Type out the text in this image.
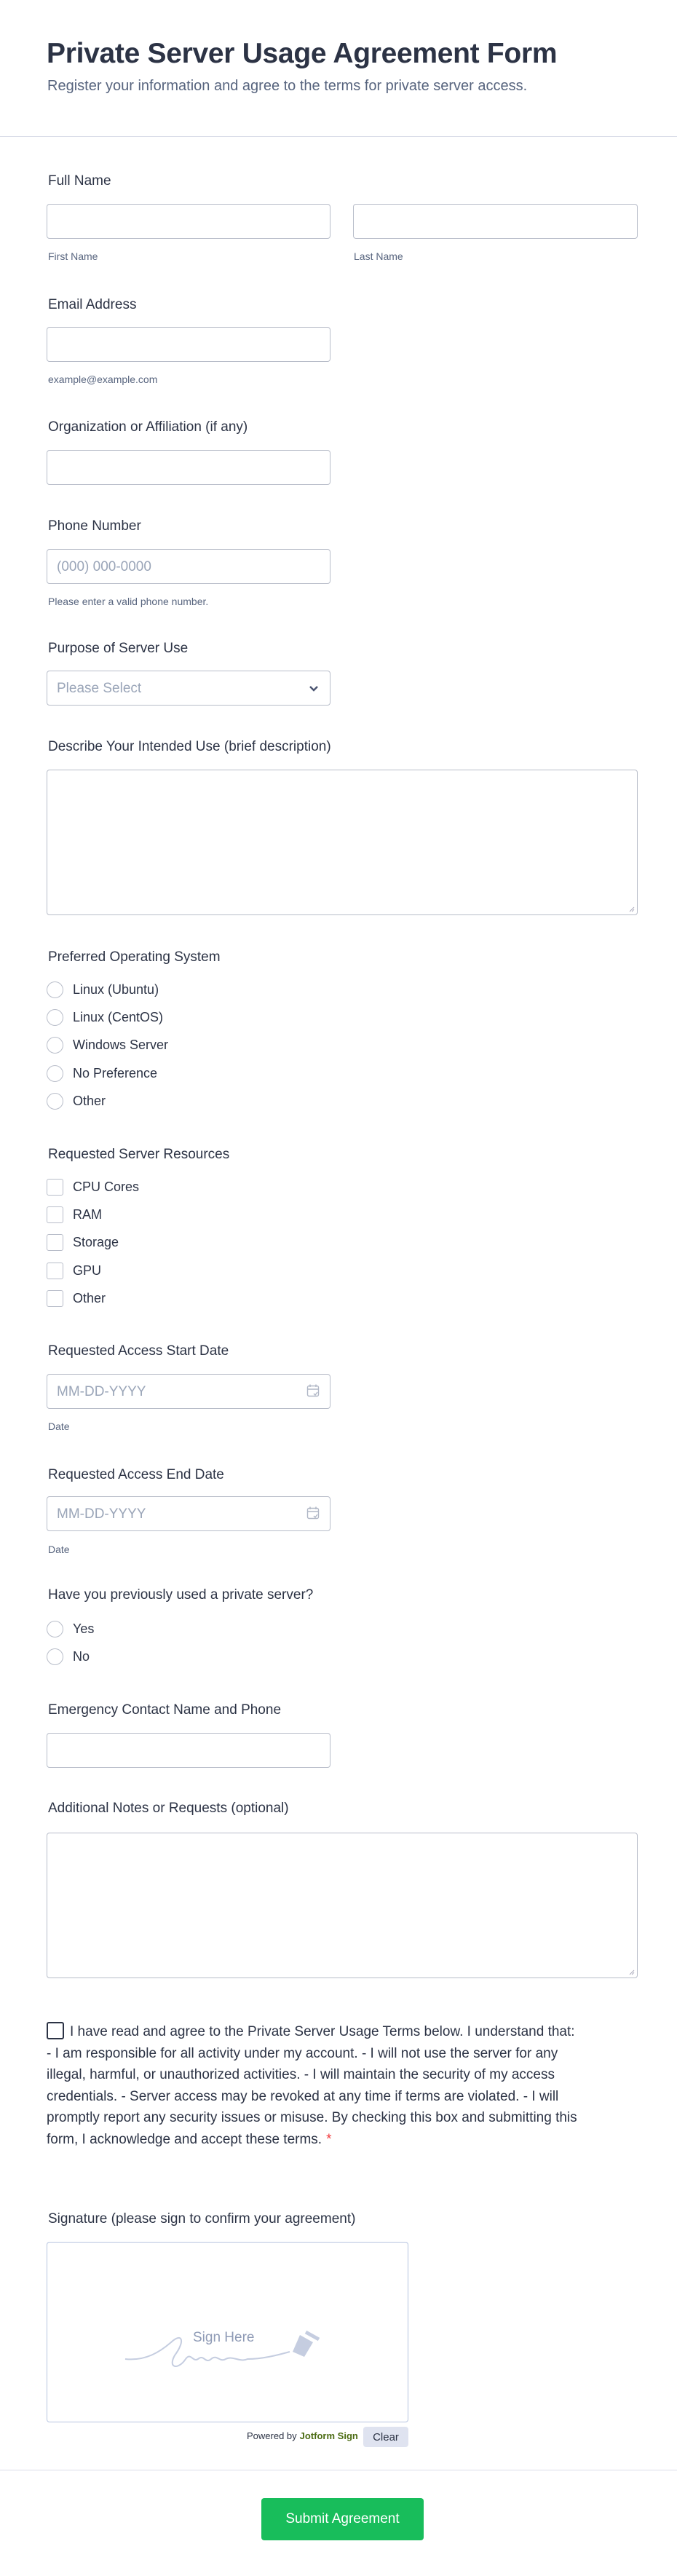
Private Server Usage Agreement Form
Register your information and agree to the terms for private server access.
Full Name
First Name	Last Name
Email Address
example@example.com
Organization or Affiliation (if any)
Phone Number
(000) 000-0000
Please enter a valid phone number.
Purpose of Server Use
Please Select
Describe Your Intended Use (brief description)
Preferred Operating System
Linux (Ubuntu)
Linux (CentOS)
Windows Server
No Preference
Other
Requested Server Resources
CPU Cores
RAM
Storage
GPU
Other
Requested Access Start Date
MM-DD-YYYY
Date
Requested Access End Date
MM-DD-YYYY
Date
Have you previously used a private server?
Yes
No
Emergency Contact Name and Phone
Additional Notes or Requests (optional)
I have read and agree to the Private Server Usage Terms below. I understand that: - I am responsible for all activity under my account. - I will not use the server for any illegal, harmful, or unauthorized activities. - I will maintain the security of my access credentials. - Server access may be revoked at any time if terms are violated. - I will promptly report any security issues or misuse. By checking this box and submitting this form, I acknowledge and accept these terms. *
Signature (please sign to confirm your agreement)
Sign Here
Powered by Jotform Sign	Clear
Submit Agreement
